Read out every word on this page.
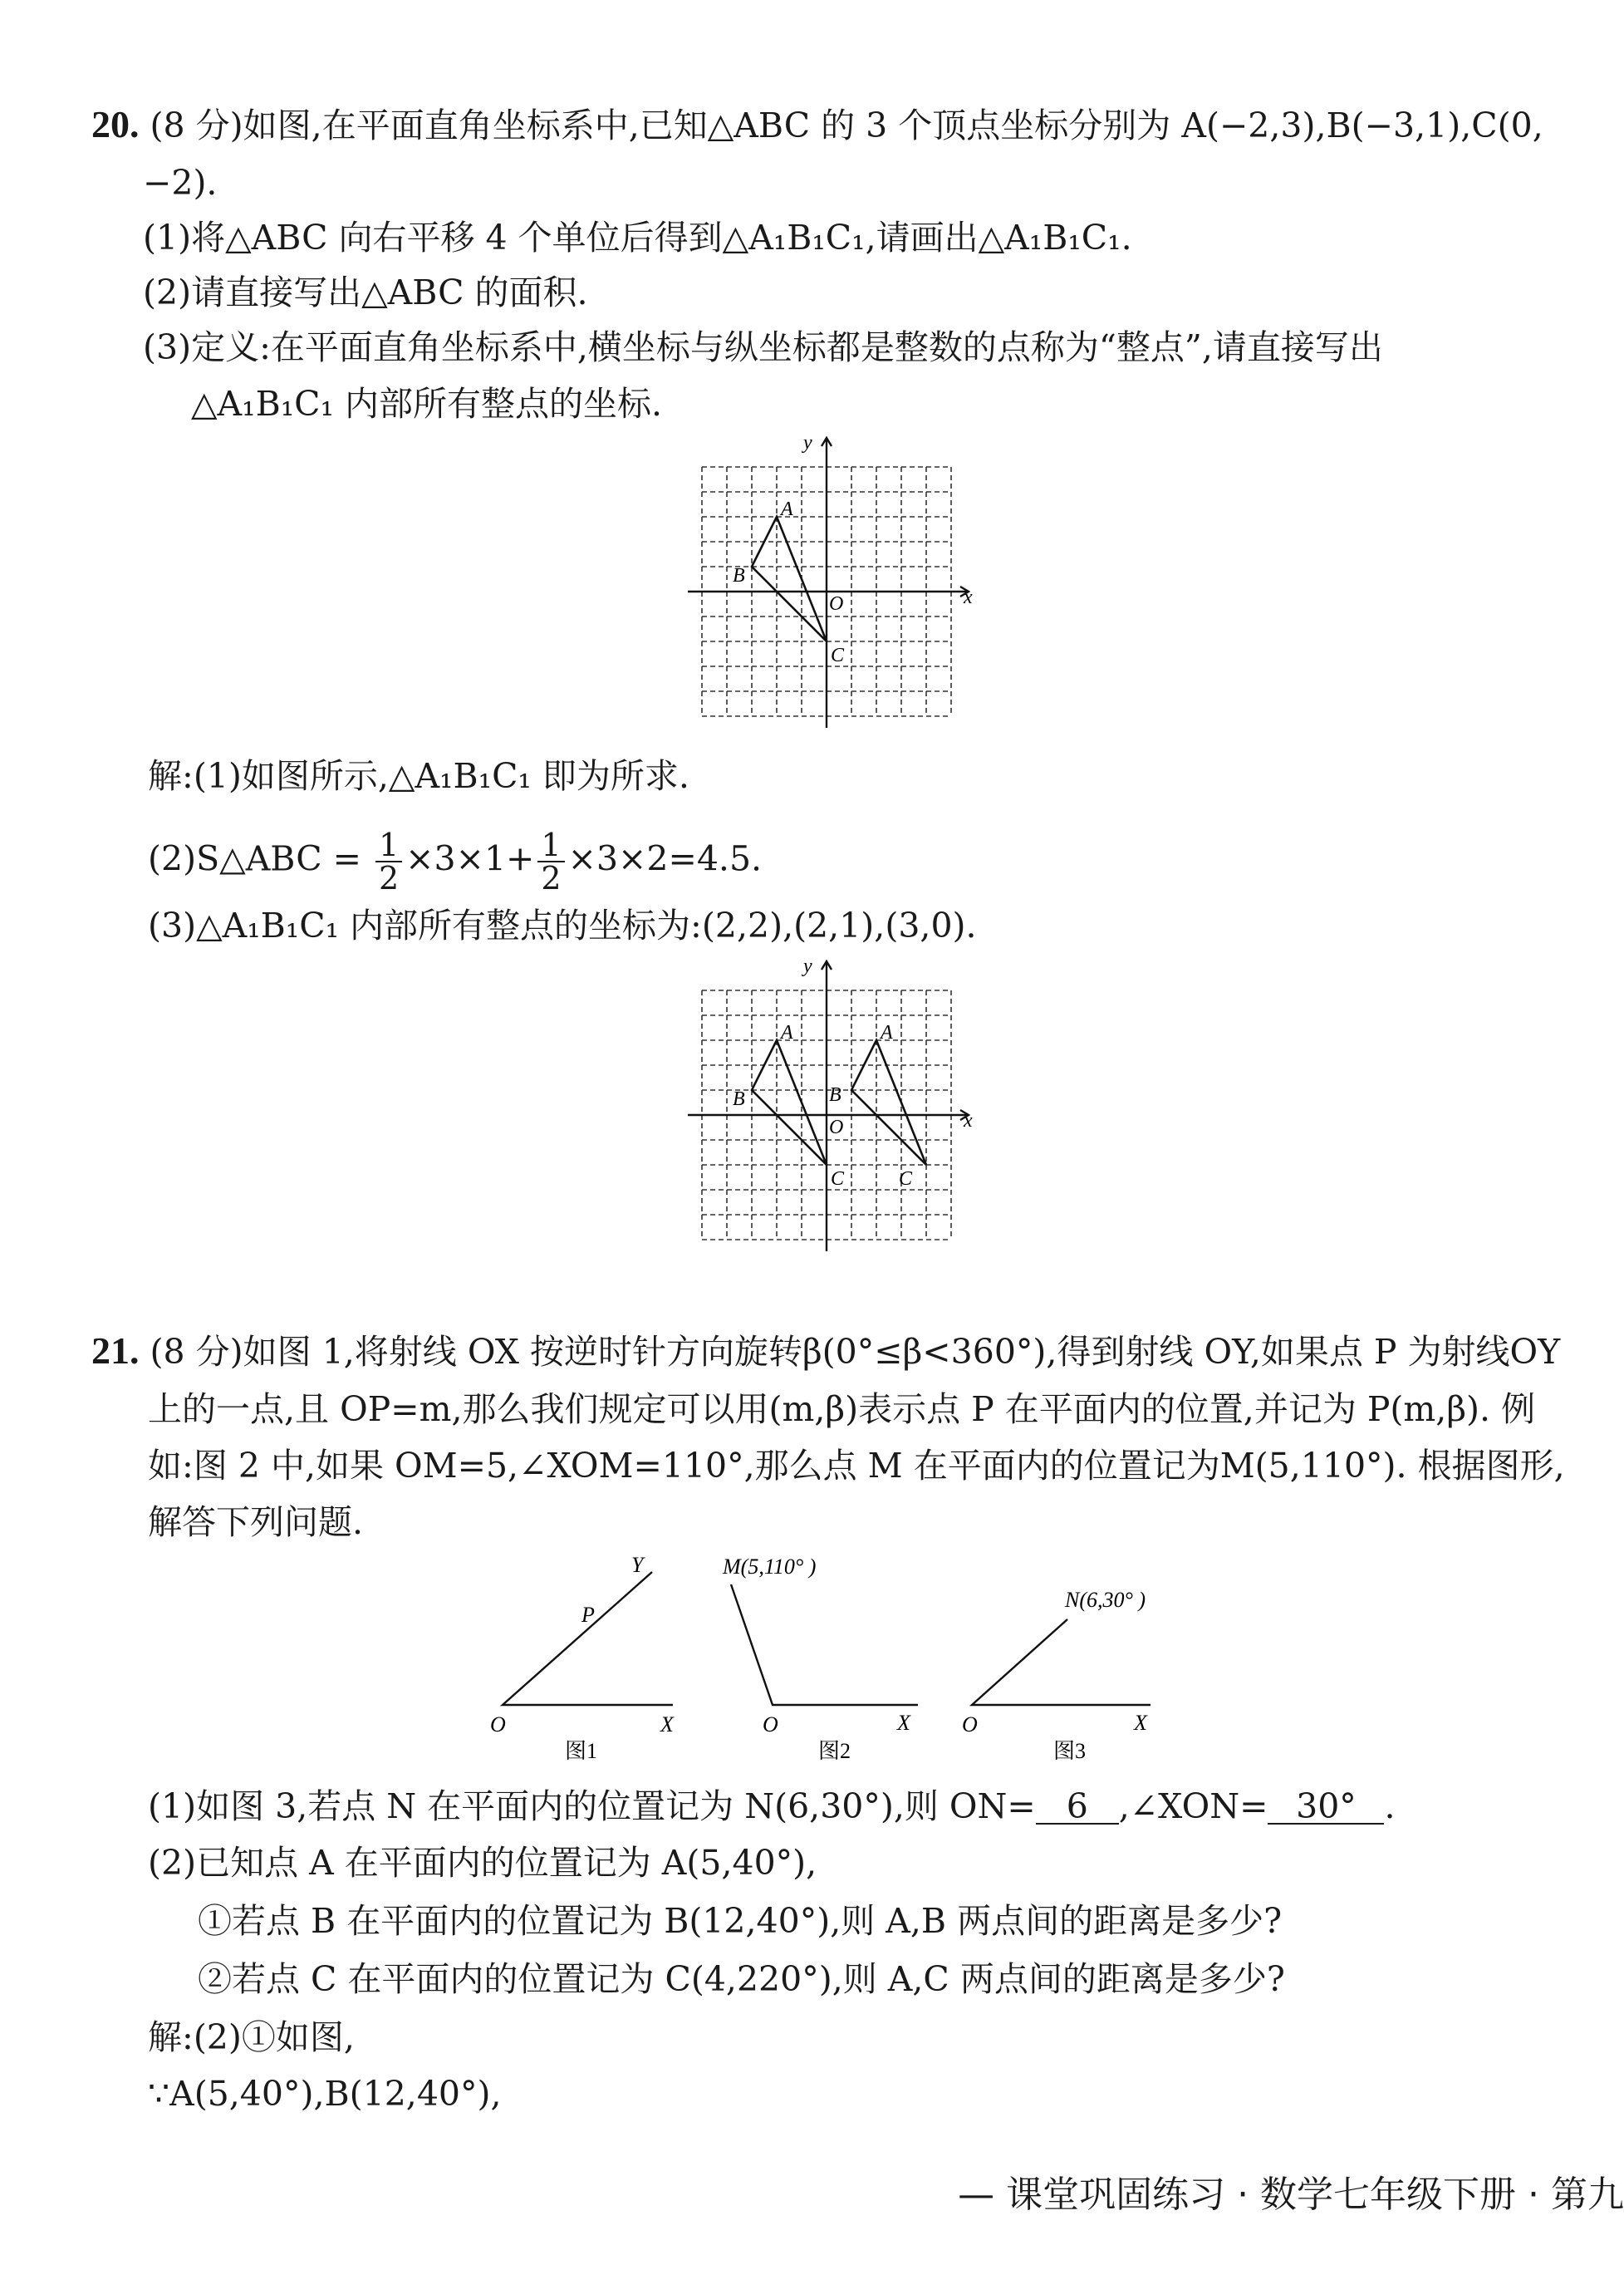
20. (8 分)如图,在平面直角坐标系中,已知△ABC 的 3 个顶点坐标分别为 A(−2,3),B(−3,1),C(0,
−2).
(1)将△ABC 向右平移 4 个单位后得到△A₁B₁C₁,请画出△A₁B₁C₁.
(2)请直接写出△ABC 的面积.
(3)定义:在平面直角坐标系中,横坐标与纵坐标都是整数的点称为“整点”,请直接写出
△A₁B₁C₁ 内部所有整点的坐标.
x
y
A
B
C
O
解:(1)如图所示,△A₁B₁C₁ 即为所求.
(2)S△ABC = $\frac{1}{2} \times 3\times 1+ \frac{1}{2} \times 3\times 2=4.5$.
(3)△A₁B₁C₁ 内部所有整点的坐标为:(2,2),(2,1),(3,0).
x
y
A
B
C
O
A
B
C
21. (8 分)如图 1,将射线 OX 按逆时针方向旋转β(0°≤β<360°),得到射线 OY,如果点 P 为射线OY
上的一点,且 OP=m,那么我们规定可以用(m,β)表示点 P 在平面内的位置,并记为 P(m,β). 例
如:图 2 中,如果 OM=5,∠XOM=110°,那么点 M 在平面内的位置记为M(5,110°). 根据图形,
解答下列问题.
Y
P
O	X
图1
M(5,110° )
O	X
图2
O	X
N(6,30° )
图3
(1)如图 3,若点 N 在平面内的位置记为 N(6,30°),则 ON= 6 ,∠XON= 30° .
(2)已知点 A 在平面内的位置记为 A(5,40°),
①若点 B 在平面内的位置记为 B(12,40°),则 A,B 两点间的距离是多少?
②若点 C 在平面内的位置记为 C(4,220°),则 A,C 两点间的距离是多少?
解:(2)①如图,
∵A(5,40°),B(12,40°),
— 课堂巩固练习 · 数学七年级下册 · 第九
